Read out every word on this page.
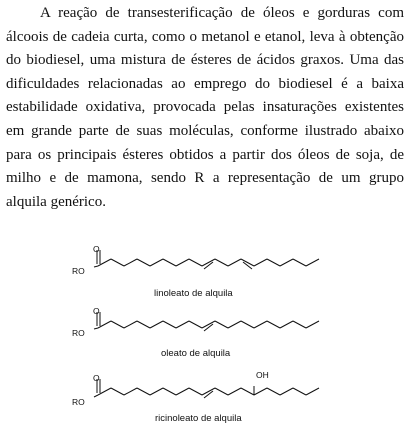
A reação de transesterificação de óleos e gorduras com
álcoois de cadeia curta, como o metanol e etanol, leva à obtenção
do biodiesel, uma mistura de ésteres de ácidos graxos. Uma das
dificuldades relacionadas ao emprego do biodiesel é a baixa
estabilidade oxidativa, provocada pelas insaturações existentes
em grande parte de suas moléculas, conforme ilustrado abaixo
para os principais ésteres obtidos a partir dos óleos de soja, de
milho e de mamona, sendo R a representação de um grupo
alquila genérico.
RO
O
linoleato de alquila
RO
O
oleato de alquila
RO
O	OH
ricinoleato de alquila
